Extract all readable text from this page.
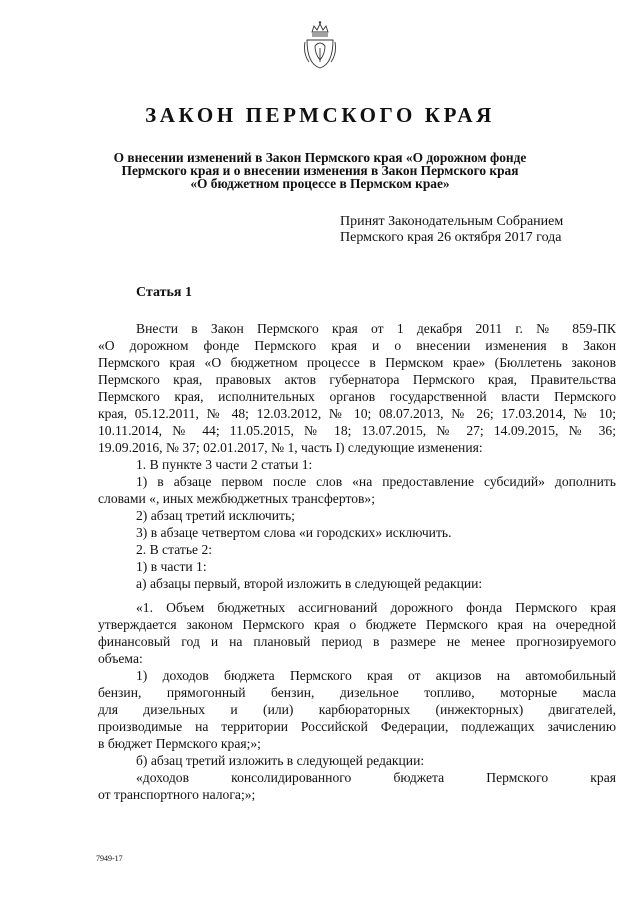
ЗАКОН ПЕРМСКОГО КРАЯ
О внесении изменений в Закон Пермского края «О дорожном фонде
Пермского края и о внесении изменения в Закон Пермского края
«О бюджетном процессе в Пермском крае»
Принят Законодательным Собранием
Пермского края 26 октября 2017 года
Статья 1
Внести в Закон Пермского края от 1 декабря 2011 г. № 859-ПК
«О дорожном фонде Пермского края и о внесении изменения в Закон
Пермского края «О бюджетном процессе в Пермском крае» (Бюллетень законов
Пермского края, правовых актов губернатора Пермского края, Правительства
Пермского края, исполнительных органов государственной власти Пермского
края, 05.12.2011, № 48; 12.03.2012, № 10; 08.07.2013, № 26; 17.03.2014, № 10;
10.11.2014, № 44; 11.05.2015, № 18; 13.07.2015, № 27; 14.09.2015, № 36;
19.09.2016, № 37; 02.01.2017, № 1, часть I) следующие изменения:
1. В пункте 3 части 2 статьи 1:
1) в абзаце первом после слов «на предоставление субсидий» дополнить
словами «, иных межбюджетных трансфертов»;
2) абзац третий исключить;
3) в абзаце четвертом слова «и городских» исключить.
2. В статье 2:
1) в части 1:
а) абзацы первый, второй изложить в следующей редакции:
«1. Объем бюджетных ассигнований дорожного фонда Пермского края
утверждается законом Пермского края о бюджете Пермского края на очередной
финансовый год и на плановый период в размере не менее прогнозируемого
объема:
1) доходов бюджета Пермского края от акцизов на автомобильный
бензин, прямогонный бензин, дизельное топливо, моторные масла
для дизельных и (или) карбюраторных (инжекторных) двигателей,
производимые на территории Российской Федерации, подлежащих зачислению
в бюджет Пермского края;»;
б) абзац третий изложить в следующей редакции:
«доходов консолидированного бюджета Пермского края
от транспортного налога;»;
7949-17
